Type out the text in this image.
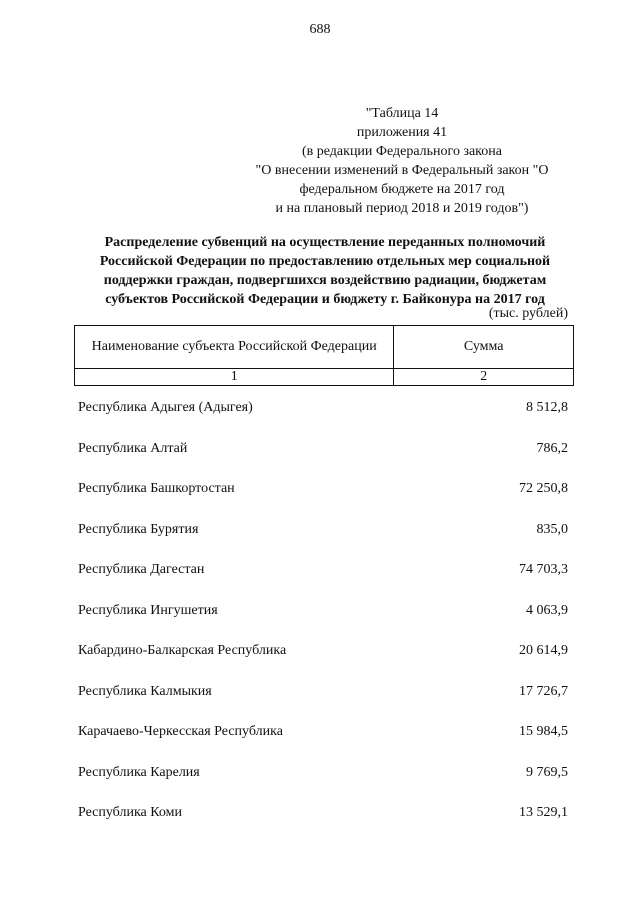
688
"Таблица 14
приложения 41
(в редакции Федерального закона
"О внесении изменений в Федеральный закон "О
федеральном бюджете на 2017 год
и на плановый период 2018 и 2019 годов")
Распределение субвенций на осуществление переданных полномочий
Российской Федерации по предоставлению отдельных мер социальной
поддержки граждан, подвергшихся воздействию радиации, бюджетам
субъектов Российской Федерации и бюджету г. Байконура на 2017 год
(тыс. рублей)
Наименование субъекта Российской Федерации	Сумма
1	2
Республика Адыгея (Адыгея)	8 512,8
Республика Алтай	786,2
Республика Башкортостан	72 250,8
Республика Бурятия	835,0
Республика Дагестан	74 703,3
Республика Ингушетия	4 063,9
Кабардино-Балкарская Республика	20 614,9
Республика Калмыкия	17 726,7
Карачаево-Черкесская Республика	15 984,5
Республика Карелия	9 769,5
Республика Коми	13 529,1
